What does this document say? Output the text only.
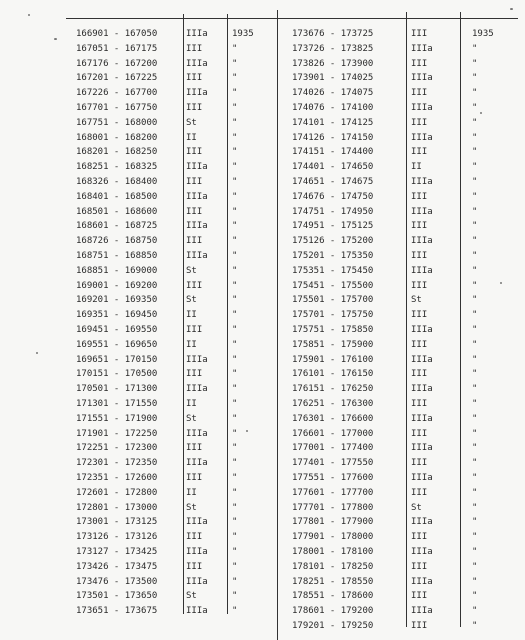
166901 - 167050	IIIa	1935
167051 - 167175	III	"
167176 - 167200	IIIa	"
167201 - 167225	III	"
167226 - 167700	IIIa	"
167701 - 167750	III	"
167751 - 168000	St	"
168001 - 168200	II	"
168201 - 168250	III	"
168251 - 168325	IIIa	"
168326 - 168400	III	"
168401 - 168500	IIIa	"
168501 - 168600	III	"
168601 - 168725	IIIa	"
168726 - 168750	III	"
168751 - 168850	IIIa	"
168851 - 169000	St	"
169001 - 169200	III	"
169201 - 169350	St	"
169351 - 169450	II	"
169451 - 169550	III	"
169551 - 169650	II	"
169651 - 170150	IIIa	"
170151 - 170500	III	"
170501 - 171300	IIIa	"
171301 - 171550	II	"
171551 - 171900	St	"
171901 - 172250	IIIa	"
172251 - 172300	III	"
172301 - 172350	IIIa	"
172351 - 172600	III	"
172601 - 172800	II	"
172801 - 173000	St	"
173001 - 173125	IIIa	"
173126 - 173126	III	"
173127 - 173425	IIIa	"
173426 - 173475	III	"
173476 - 173500	IIIa	"
173501 - 173650	St	"
173651 - 173675	IIIa	"
173676 - 173725	III	1935
173726 - 173825	IIIa	"
173826 - 173900	III	"
173901 - 174025	IIIa	"
174026 - 174075	III	"
174076 - 174100	IIIa	"
174101 - 174125	III	"
174126 - 174150	IIIa	"
174151 - 174400	III	"
174401 - 174650	II	"
174651 - 174675	IIIa	"
174676 - 174750	III	"
174751 - 174950	IIIa	"
174951 - 175125	III	"
175126 - 175200	IIIa	"
175201 - 175350	III	"
175351 - 175450	IIIa	"
175451 - 175500	III	"
175501 - 175700	St	"
175701 - 175750	III	"
175751 - 175850	IIIa	"
175851 - 175900	III	"
175901 - 176100	IIIa	"
176101 - 176150	III	"
176151 - 176250	IIIa	"
176251 - 176300	III	"
176301 - 176600	IIIa	"
176601 - 177000	III	"
177001 - 177400	IIIa	"
177401 - 177550	III	"
177551 - 177600	IIIa	"
177601 - 177700	III	"
177701 - 177800	St	"
177801 - 177900	IIIa	"
177901 - 178000	III	"
178001 - 178100	IIIa	"
178101 - 178250	III	"
178251 - 178550	IIIa	"
178551 - 178600	III	"
178601 - 179200	IIIa	"
179201 - 179250	III	"
